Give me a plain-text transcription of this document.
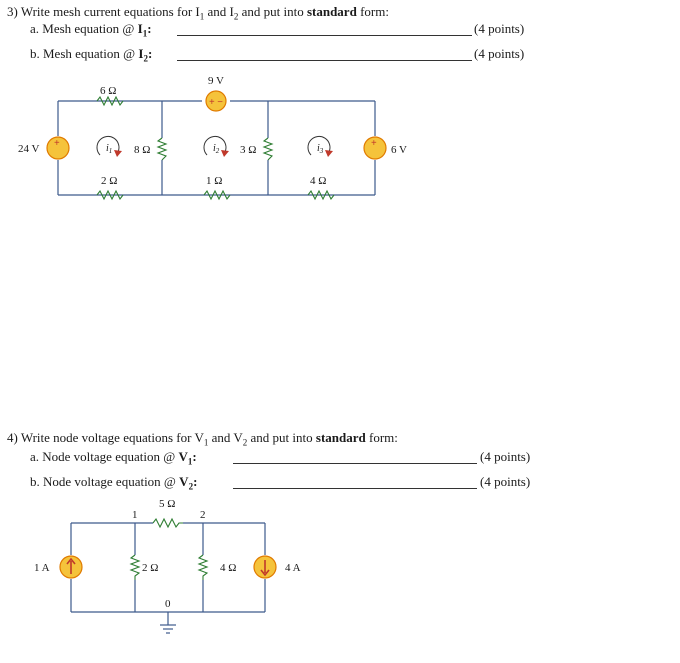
3) Write mesh current equations for $I_1$ and $I_2$ and put into standard form:
a. Mesh equation @ $I_1$:	(4 points)
b. Mesh equation @ $I_2$:	(4 points)
6 Ω
8 Ω	3 Ω
2 Ω	1 Ω	4 Ω
+ −
9 V
+
24 V	+
6 V
$i_1$	$i_2$	$i_3$
4) Write node voltage equations for $V_1$ and $V_2$ and put into standard form:
a. Node voltage equation @ $V_1$:	(4 points)
b. Node voltage equation @ $V_2$:	(4 points)
5 Ω
1	2
2 Ω	4 Ω
1 A	4 A
0
